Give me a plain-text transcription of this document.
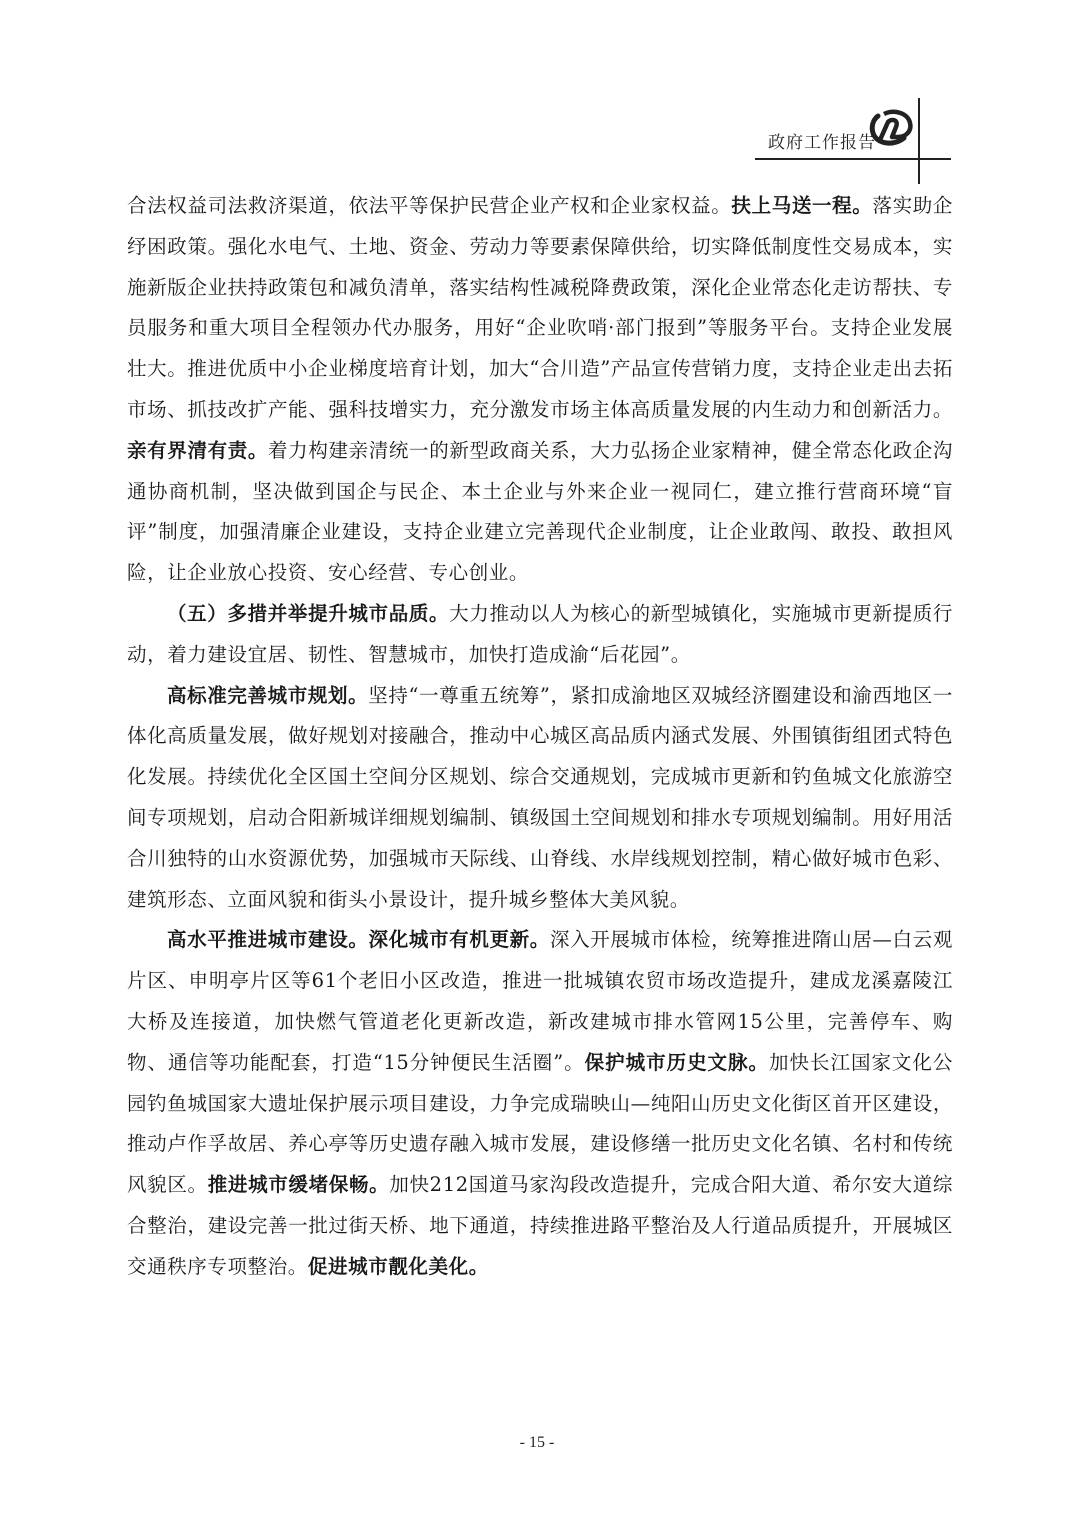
政府工作报告

合法权益司法救济渠道，依法平等保护民营企业产权和企业家权益。扶上马送一程。落实助企纾困政策。强化水电气、土地、资金、劳动力等要素保障供给，切实降低制度性交易成本，实施新版企业扶持政策包和减负清单，落实结构性减税降费政策，深化企业常态化走访帮扶、专员服务和重大项目全程领办代办服务，用好“企业吹哨·部门报到”等服务平台。支持企业发展壮大。推进优质中小企业梯度培育计划，加大“合川造”产品宣传营销力度，支持企业走出去拓市场、抓技改扩产能、强科技增实力，充分激发市场主体高质量发展的内生动力和创新活力。亲有界清有责。着力构建亲清统一的新型政商关系，大力弘扬企业家精神，健全常态化政企沟通协商机制，坚决做到国企与民企、本土企业与外来企业一视同仁，建立推行营商环境“盲评”制度，加强清廉企业建设，支持企业建立完善现代企业制度，让企业敢闯、敢投、敢担风险，让企业放心投资、安心经营、专心创业。

（五）多措并举提升城市品质。大力推动以人为核心的新型城镇化，实施城市更新提质行动，着力建设宜居、韧性、智慧城市，加快打造成渝“后花园”。

高标准完善城市规划。坚持“一尊重五统筹”，紧扣成渝地区双城经济圈建设和渝西地区一体化高质量发展，做好规划对接融合，推动中心城区高品质内涵式发展、外围镇街组团式特色化发展。持续优化全区国土空间分区规划、综合交通规划，完成城市更新和钓鱼城文化旅游空间专项规划，启动合阳新城详细规划编制、镇级国土空间规划和排水专项规划编制。用好用活合川独特的山水资源优势，加强城市天际线、山脊线、水岸线规划控制，精心做好城市色彩、建筑形态、立面风貌和街头小景设计，提升城乡整体大美风貌。

高水平推进城市建设。深化城市有机更新。深入开展城市体检，统筹推进隋山居—白云观片区、申明亭片区等61个老旧小区改造，推进一批城镇农贸市场改造提升，建成龙溪嘉陵江大桥及连接道，加快燃气管道老化更新改造，新改建城市排水管网15公里，完善停车、购物、通信等功能配套，打造“15分钟便民生活圈”。保护城市历史文脉。加快长江国家文化公园钓鱼城国家大遗址保护展示项目建设，力争完成瑞映山—纯阳山历史文化街区首开区建设，推动卢作孚故居、养心亭等历史遗存融入城市发展，建设修缮一批历史文化名镇、名村和传统风貌区。推进城市缓堵保畅。加快212国道马家沟段改造提升，完成合阳大道、希尔安大道综合整治，建设完善一批过街天桥、地下通道，持续推进路平整治及人行道品质提升，开展城区交通秩序专项整治。促进城市靓化美化。

- 15 -
